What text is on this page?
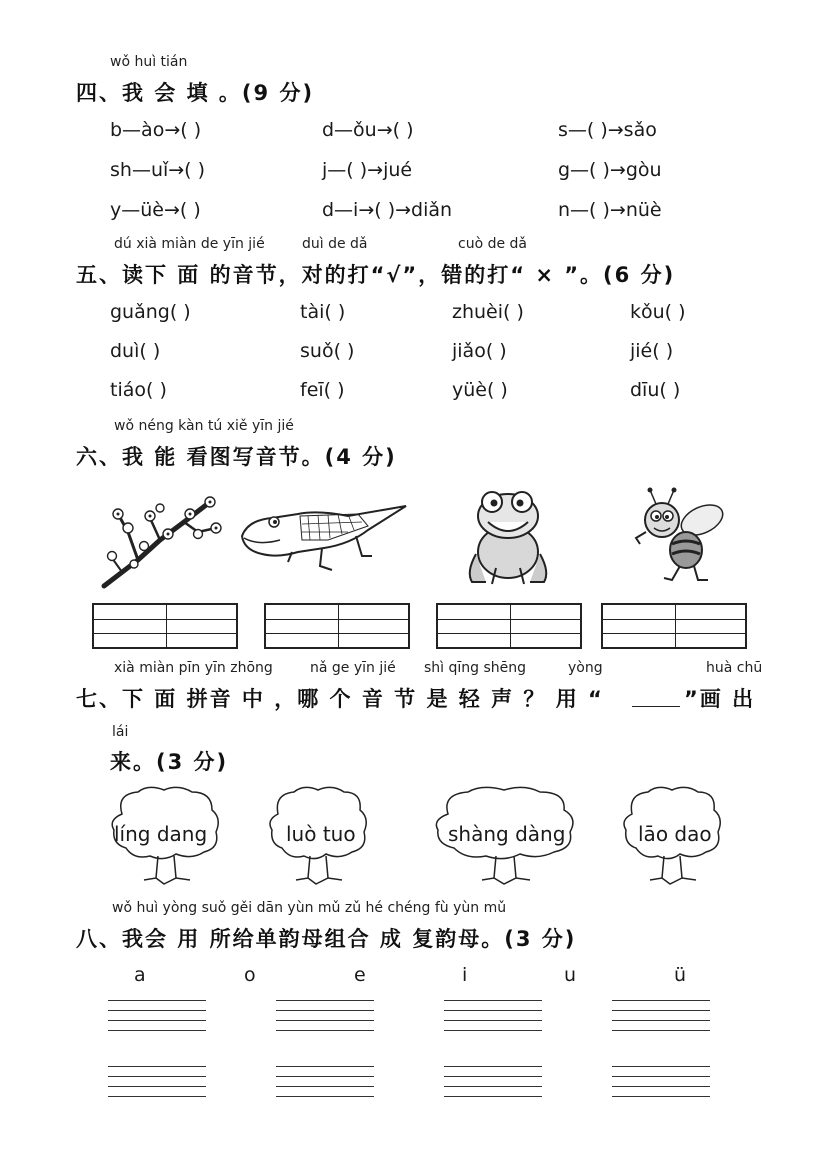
wǒ huì tián
四、我 会 填 。(9 分)
b—ào→( )	d—ǒu→( )	s—( )→sǎo
sh—uǐ→( )	j—( )→jué	g—( )→gòu
y—üè→( )	d—i→( )→diǎn	n—( )→nüè
dú xià miàn de yīn jié	duì de dǎ	cuò de dǎ
五、读下 面 的音节，对的打“√”，错的打“ × ”。(6 分)
guǎng( )	tài( )	zhuèi( )	kǒu( )
duì( )	suǒ( )	jiǎo( )	jié( )
tiáo( )	feī( )	yüè( )	dīu( )
wǒ néng kàn tú xiě yīn jié
六、我 能 看图写音节。(4 分)
xià miàn pīn yīn zhōng	nǎ ge yīn jié shì qīng shēng	yòng	huà chū
七、下 面 拼音 中 ，哪 个 音 节 是 轻 声 ？ 用 “	”画 出
lái
来。(3 分)
líng dang	luò tuo	shàng dàng	lāo dao
wǒ huì yòng suǒ gěi dān yùn mǔ zǔ hé chéng fù yùn mǔ
八、我会 用 所给单韵母组合 成 复韵母。(3 分)
a	o	e	i	u	ü
